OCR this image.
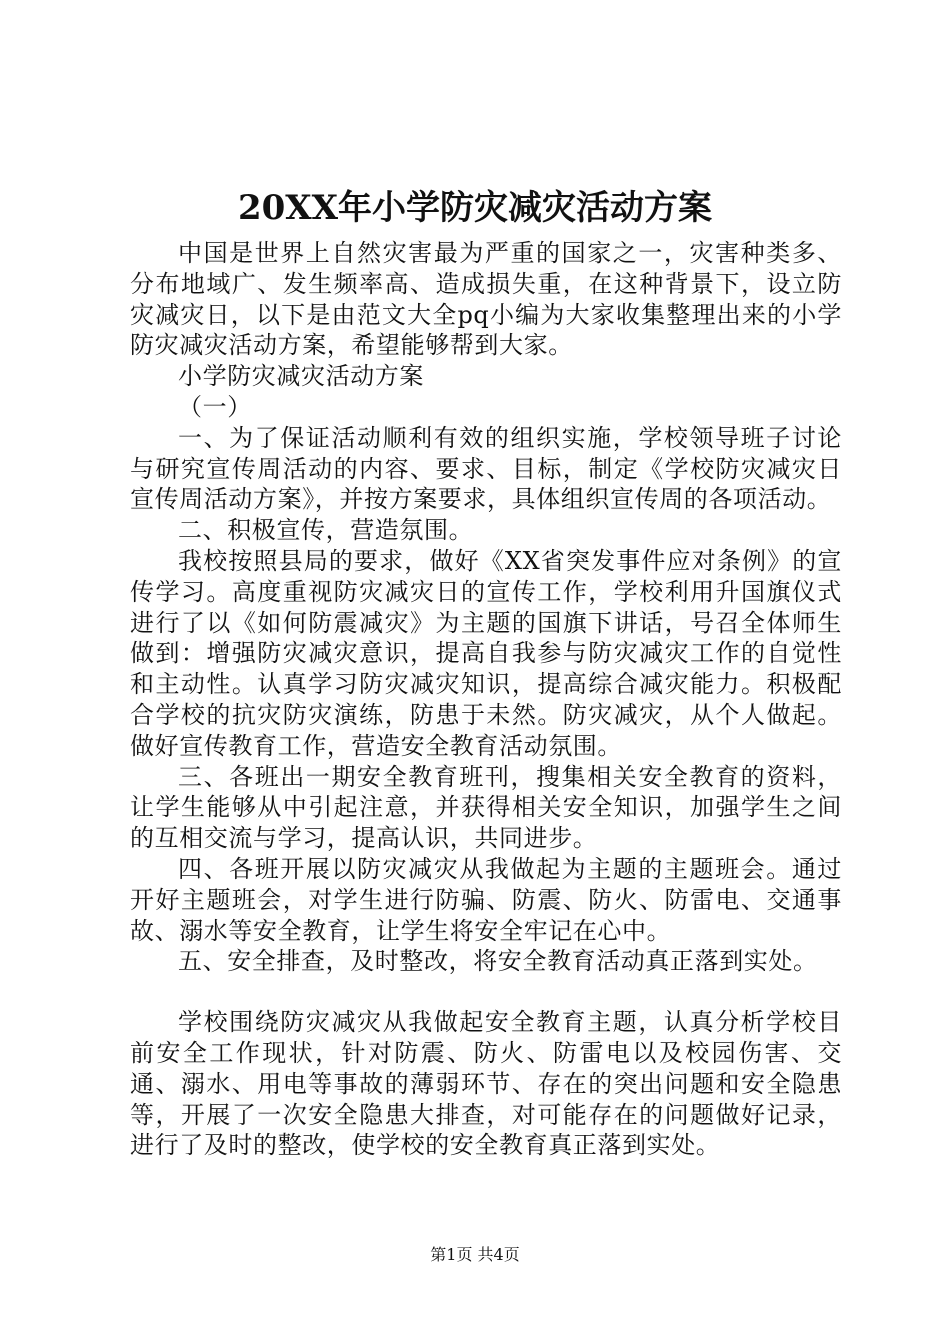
20XX年小学防灾减灾活动方案

中国是世界上自然灾害最为严重的国家之一，灾害种类多、分布地域广、发生频率高、造成损失重，在这种背景下，设立防灾减灾日，以下是由范文大全pq小编为大家收集整理出来的小学防灾减灾活动方案，希望能够帮到大家。

小学防灾减灾活动方案

（一）

一、为了保证活动顺利有效的组织实施，学校领导班子讨论与研究宣传周活动的内容、要求、目标，制定《学校防灾减灾日宣传周活动方案》，并按方案要求，具体组织宣传周的各项活动。

二、积极宣传，营造氛围。

我校按照县局的要求，做好《XX省突发事件应对条例》的宣传学习。高度重视防灾减灾日的宣传工作，学校利用升国旗仪式进行了以《如何防震减灾》为主题的国旗下讲话，号召全体师生做到：增强防灾减灾意识，提高自我参与防灾减灾工作的自觉性和主动性。认真学习防灾减灾知识，提高综合减灾能力。积极配合学校的抗灾防灾演练，防患于未然。防灾减灾，从个人做起。做好宣传教育工作，营造安全教育活动氛围。

三、各班出一期安全教育班刊，搜集相关安全教育的资料，让学生能够从中引起注意，并获得相关安全知识，加强学生之间的互相交流与学习，提高认识，共同进步。

四、各班开展以防灾减灾从我做起为主题的主题班会。通过开好主题班会，对学生进行防骗、防震、防火、防雷电、交通事故、溺水等安全教育，让学生将安全牢记在心中。

五、安全排查，及时整改，将安全教育活动真正落到实处。

学校围绕防灾减灾从我做起安全教育主题，认真分析学校目前安全工作现状，针对防震、防火、防雷电以及校园伤害、交通、溺水、用电等事故的薄弱环节、存在的突出问题和安全隐患等，开展了一次安全隐患大排查，对可能存在的问题做好记录，进行了及时的整改，使学校的安全教育真正落到实处。

第1页 共4页
